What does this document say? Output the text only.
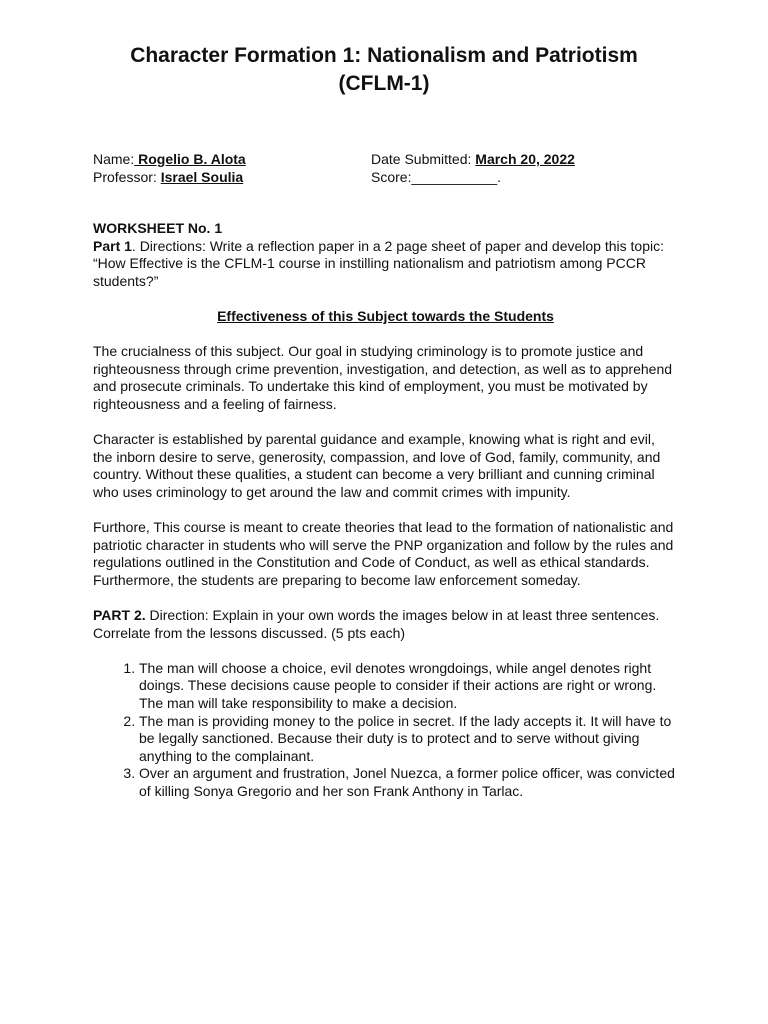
Character Formation 1: Nationalism and Patriotism
(CFLM-1)
Name: Rogelio B. Alota	Date Submitted: March 20, 2022
Professor: Israel Soulia	Score:___________.

WORKSHEET No. 1

Part 1. Directions: Write a reflection paper in a 2 page sheet of paper and develop this topic: “How Effective is the CFLM-1 course in instilling nationalism and patriotism among PCCR students?”

Effectiveness of this Subject towards the Students

The crucialness of this subject. Our goal in studying criminology is to promote justice and righteousness through crime prevention, investigation, and detection, as well as to apprehend and prosecute criminals. To undertake this kind of employment, you must be motivated by righteousness and a feeling of fairness.

Character is established by parental guidance and example, knowing what is right and evil, the inborn desire to serve, generosity, compassion, and love of God, family, community, and country. Without these qualities, a student can become a very brilliant and cunning criminal who uses criminology to get around the law and commit crimes with impunity.

Furthore, This course is meant to create theories that lead to the formation of nationalistic and patriotic character in students who will serve the PNP organization and follow by the rules and regulations outlined in the Constitution and Code of Conduct, as well as ethical standards. Furthermore, the students are preparing to become law enforcement someday.

PART 2. Direction: Explain in your own words the images below in at least three sentences. Correlate from the lessons discussed. (5 pts each)

1. The man will choose a choice, evil denotes wrongdoings, while angel denotes right doings. These decisions cause people to consider if their actions are right or wrong. The man will take responsibility to make a decision.
2. The man is providing money to the police in secret. If the lady accepts it. It will have to be legally sanctioned. Because their duty is to protect and to serve without giving anything to the complainant.
3. Over an argument and frustration, Jonel Nuezca, a former police officer, was convicted of killing Sonya Gregorio and her son Frank Anthony in Tarlac.
